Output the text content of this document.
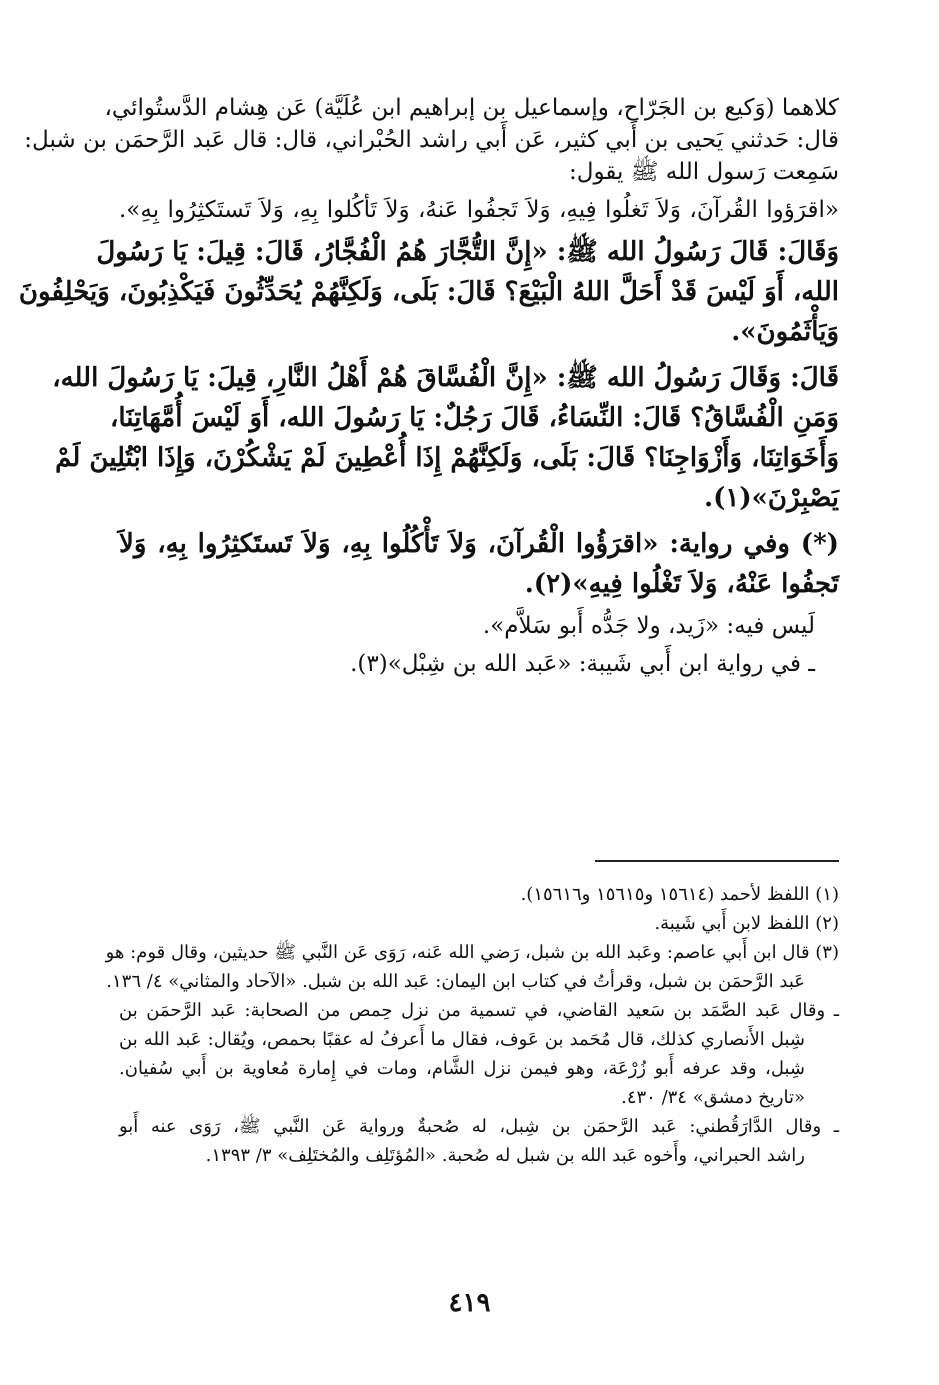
كلاهما (وَكيع بن الجَرّاح، وإسماعيل بن إبراهيم ابن عُلَيَّة) عَن هِشام الدَّستُوائي،
قال: حَدثني يَحيى بن أَبي كثير، عَن أَبي راشد الحُبْراني، قال: قال عَبد الرَّحمَن بن شبل:
سَمِعت رَسول الله ﷺ يقول:
«اقرَؤوا القُرآنَ، وَلاَ تَغلُوا فِيهِ، وَلاَ تَجفُوا عَنهُ، وَلاَ تَأكُلوا بِهِ، وَلاَ تَستَكثِرُوا بِهِ».
وَقَالَ: قَالَ رَسُولُ الله ﷺ: «إِنَّ التُّجَّارَ هُمُ الْفُجَّارُ، قَالَ: قِيلَ: يَا رَسُولَ
الله، أَوَ لَيْسَ قَدْ أَحَلَّ اللهُ الْبَيْعَ؟ قَالَ: بَلَى، وَلَكِنَّهُمْ يُحَدِّثُونَ فَيَكْذِبُونَ، وَيَحْلِفُونَ
وَيَأْثَمُونَ».
قَالَ: وَقَالَ رَسُولُ الله ﷺ: «إِنَّ الْفُسَّاقَ هُمْ أَهْلُ النَّارِ، قِيلَ: يَا رَسُولَ الله،
وَمَنِ الْفُسَّاقُ؟ قَالَ: النِّسَاءُ، قَالَ رَجُلٌ: يَا رَسُولَ الله، أَوَ لَيْسَ أُمَّهَاتِنَا،
وَأَخَوَاتِنَا، وَأَزْوَاجِنَا؟ قَالَ: بَلَى، وَلَكِنَّهُمْ إِذَا أُعْطِينَ لَمْ يَشْكُرْنَ، وَإِذَا ابْتُلِينَ لَمْ
يَصْبِرْنَ»(١).
(*) وفي رواية: «اقرَؤُوا الْقُرآنَ، وَلاَ تَأْكُلُوا بِهِ، وَلاَ تَستَكثِرُوا بِهِ، وَلاَ
تَجفُوا عَنْهُ، وَلاَ تَغْلُوا فِيهِ»(٢).
لَيس فيه: «زَيد، ولا جَدُّه أَبو سَلاَّم».
ـ في رواية ابن أَبي شَيبة: «عَبد الله بن شِبْل»(٣).
(١) اللفظ لأحمد (١٥٦١٤ و١٥٦١٥ و١٥٦١٦).
(٢) اللفظ لابن أَبي شَيبة.
(٣) قال ابن أَبي عاصم: وعَبد الله بن شبل، رَضي الله عَنه، رَوَى عَن النَّبي ﷺ حديثين، وقال قوم: هو
عَبد الرَّحمَن بن شبل، وقرأتُ في كتاب ابن اليمان: عَبد الله بن شبل. «الآحاد والمثاني» ٤/ ١٣٦.
ـ وقال عَبد الصَّمَد بن سَعيد القاضي، في تسمية من نزل حِمص من الصحابة: عَبد الرَّحمَن بن
شِبل الأَنصاري كذلك، قال مُحَمد بن عَوف، فقال ما أَعرفُ له عقبًا بحمص، ويُقال: عَبد الله بن
شِبل، وقد عرفه أَبو زُرْعَة، وهو فيمن نزل الشَّام، ومات في إِمارة مُعاوية بن أَبي سُفيان.
«تاريخ دمشق» ٣٤/ ٤٣٠.
ـ وقال الدَّارَقُطني: عَبد الرَّحمَن بن شِبل، له صُحبةٌ ورواية عَن النَّبي ﷺ، رَوَى عنه أَبو
راشد الحبراني، وأَخوه عَبد الله بن شبل له صُحبة. «المُؤتَلِف والمُختَلِف» ٣/ ١٣٩٣.
٤١٩
